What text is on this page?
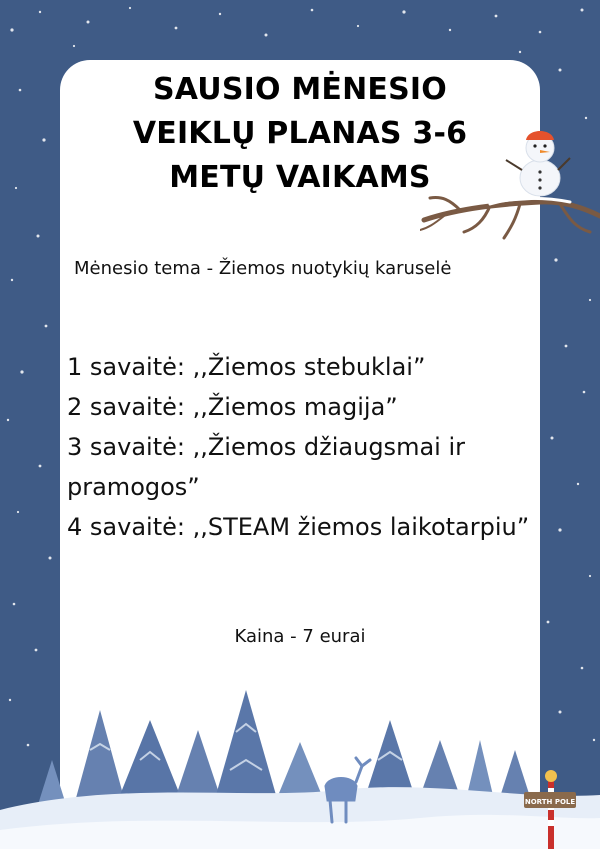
SAUSIO MĖNESIO
VEIKLŲ PLANAS 3-6
METŲ VAIKAMS
Mėnesio tema - Žiemos nuotykių karuselė
1 savaitė: ,,Žiemos stebuklai”
2 savaitė: ,,Žiemos magija”
3 savaitė: ,,Žiemos džiaugsmai ir
pramogos”
4 savaitė: ,,STEAM žiemos laikotarpiu”
Kaina - 7 eurai
NORTH POLE
